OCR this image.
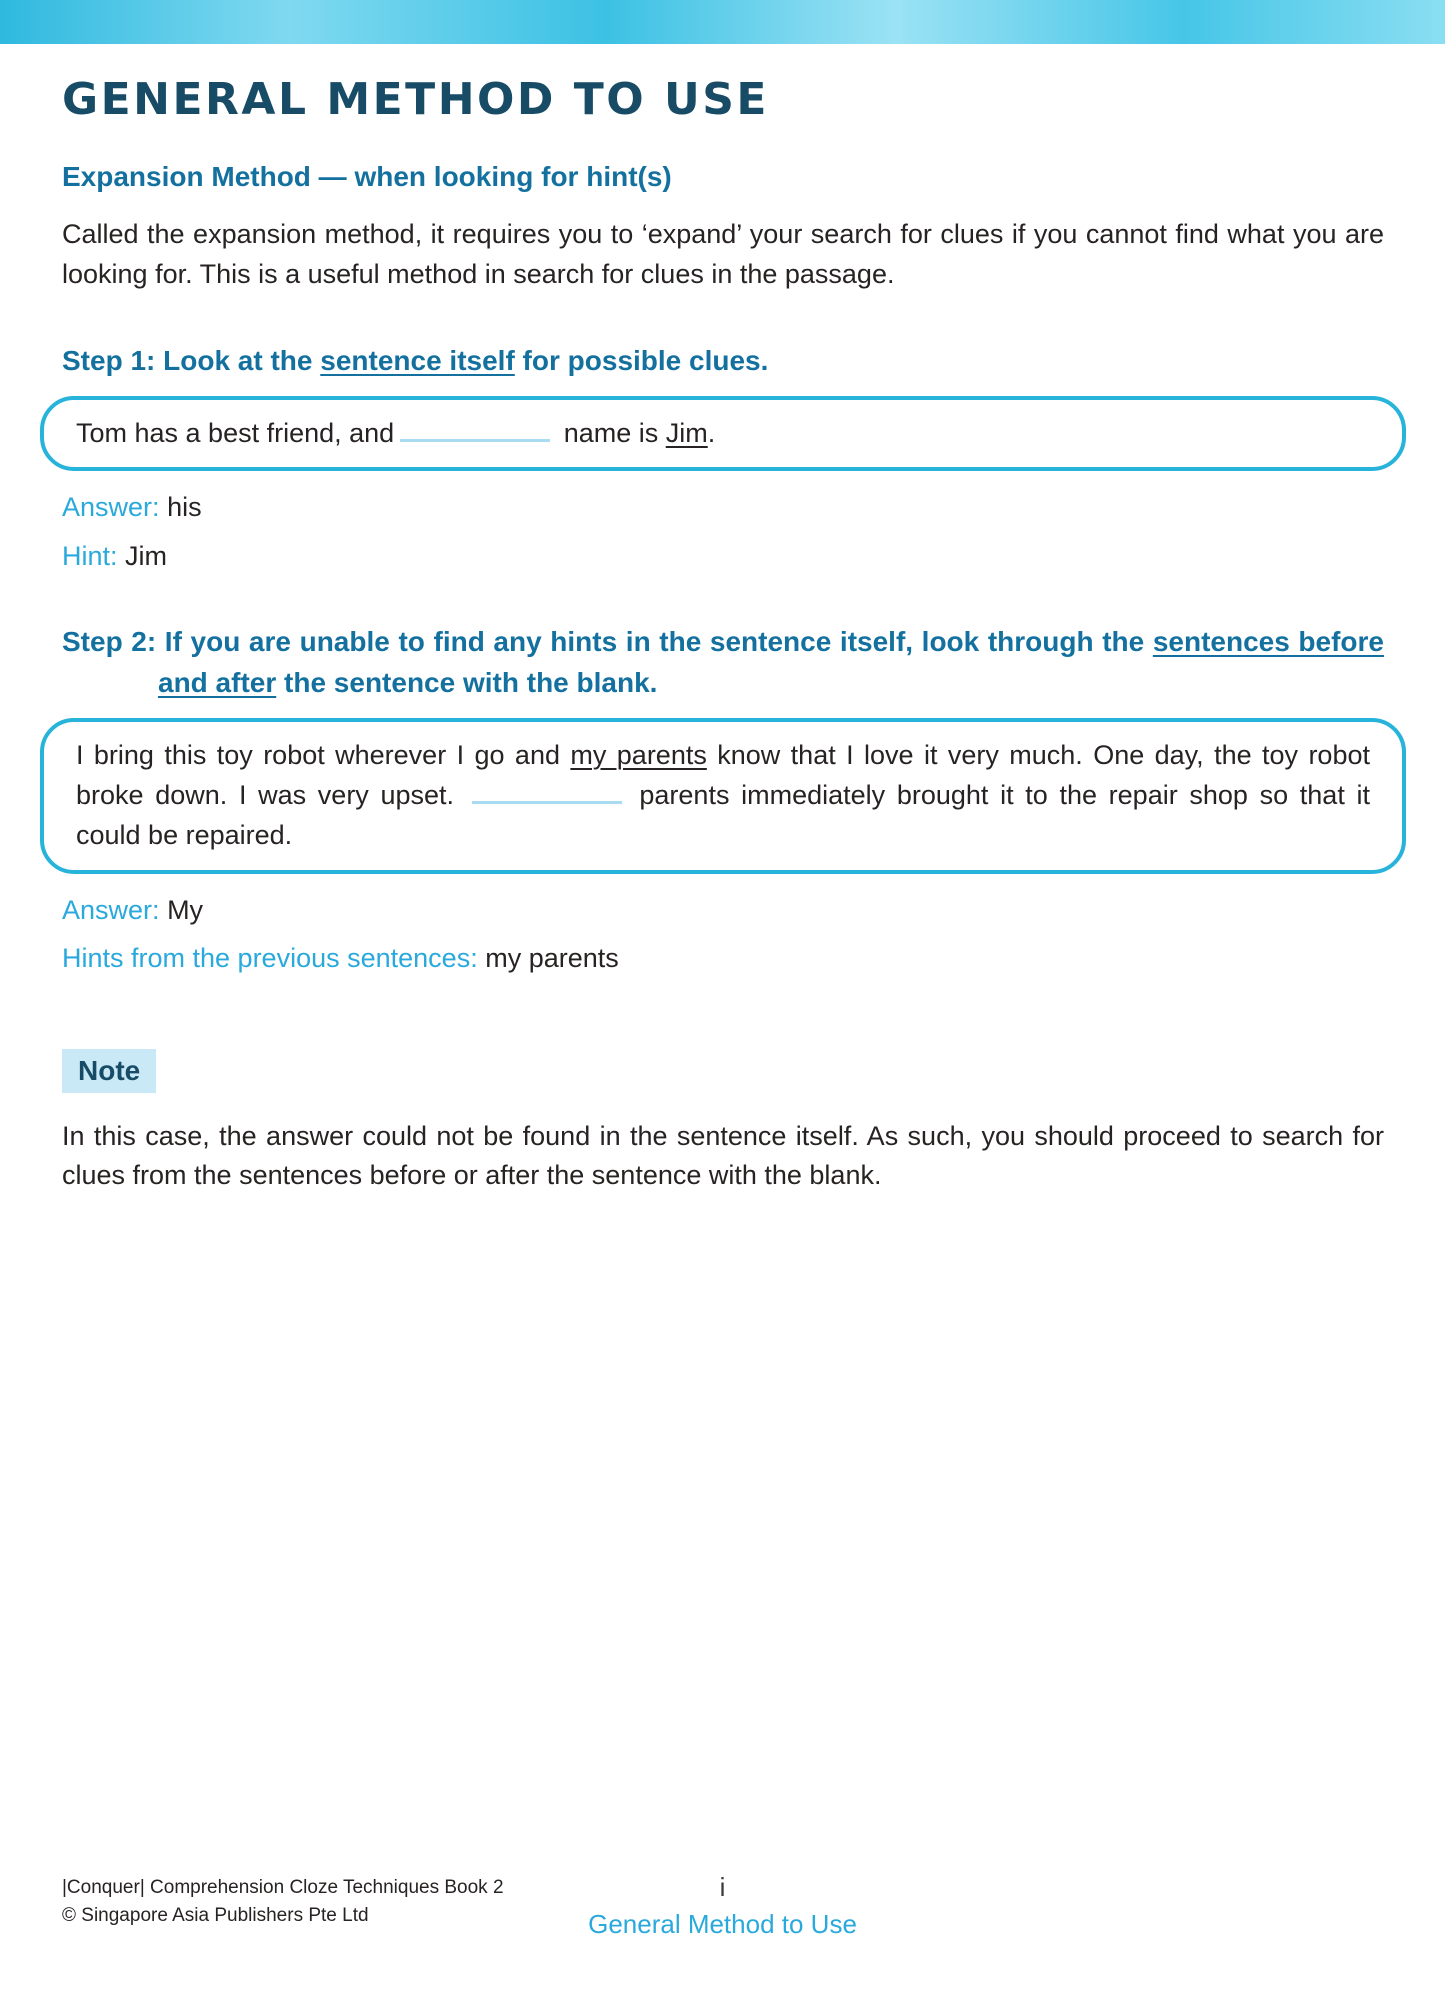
GENERAL METHOD TO USE
Expansion Method — when looking for hint(s)

Called the expansion method, it requires you to ‘expand’ your search for clues if you cannot find what you are looking for. This is a useful method in search for clues in the passage.

Step 1: Look at the sentence itself for possible clues.

Tom has a best friend, and	name is Jim.

Answer: his

Hint: Jim

Step 2: If you are unable to find any hints in the sentence itself, look through the sentences before and after the sentence with the blank.

I bring this toy robot wherever I go and my parents know that I love it very much. One day, the toy robot broke down. I was very upset.	parents immediately brought it to the repair shop so that it could be repaired.

Answer: My

Hints from the previous sentences: my parents

Note

In this case, the answer could not be found in the sentence itself. As such, you should proceed to search for clues from the sentences before or after the sentence with the blank.

i
General Method to Use
|Conquer| Comprehension Cloze Techniques Book 2
© Singapore Asia Publishers Pte Ltd
